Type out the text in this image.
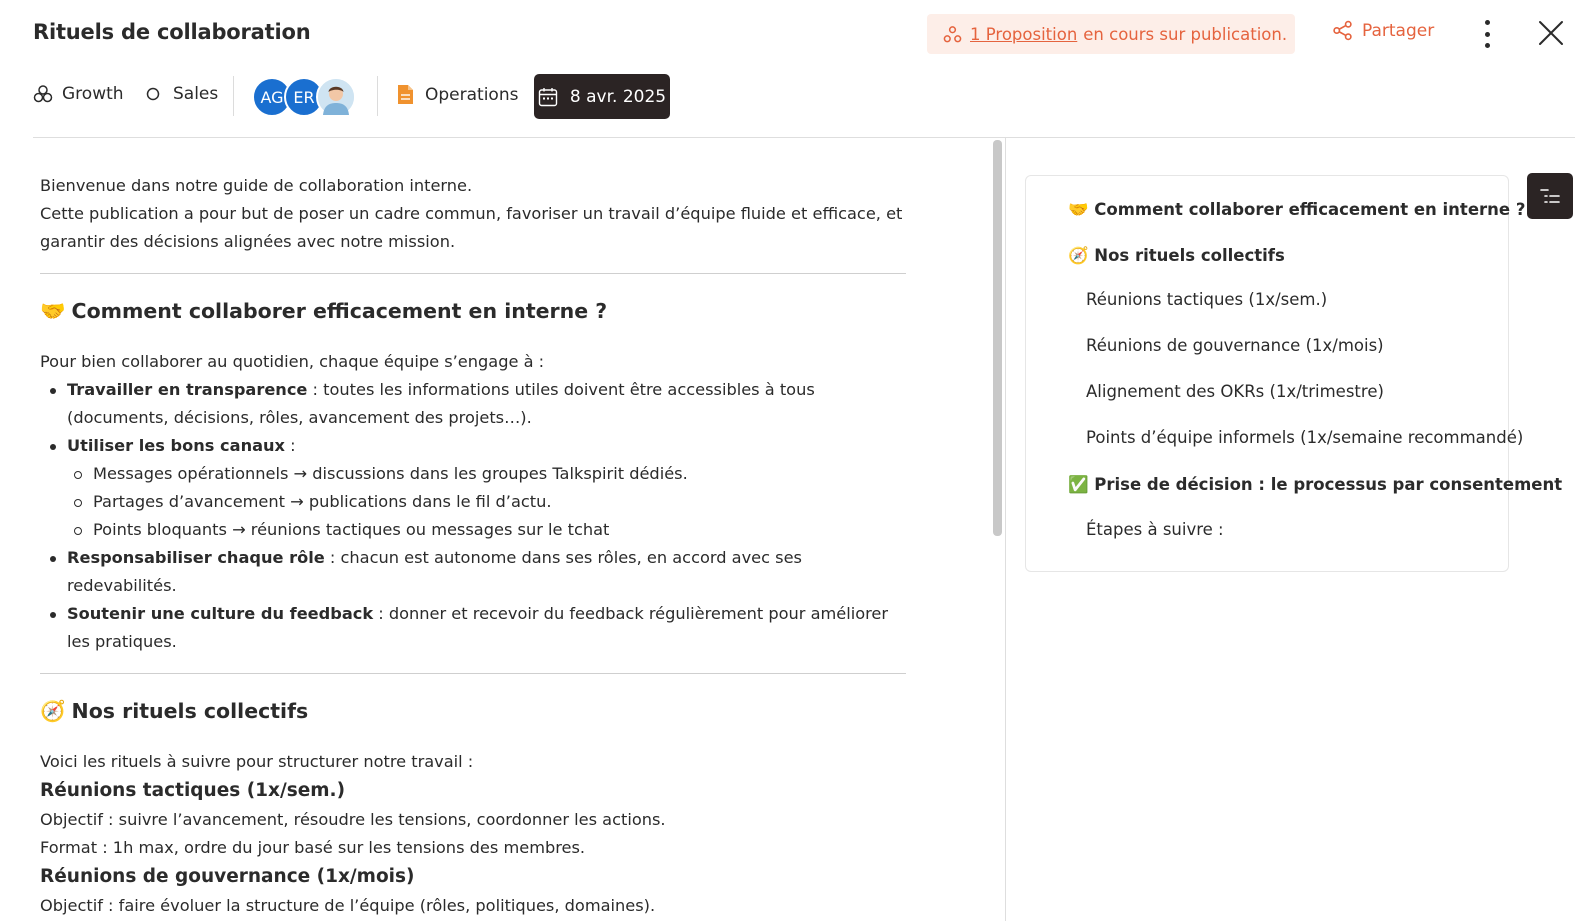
Rituels de collaboration	1 Proposition en cours sur publication.	Partager
Growth	Sales	AG ER	Operations	8 avr. 2025

Bienvenue dans notre guide de collaboration interne.

Cette publication a pour but de poser un cadre commun, favoriser un travail d’équipe fluide et efficace, et garantir des décisions alignées avec notre mission.

🤝 Comment collaborer efficacement en interne ?

Pour bien collaborer au quotidien, chaque équipe s’engage à :

Travailler en transparence : toutes les informations utiles doivent être accessibles à tous (documents, décisions, rôles, avancement des projets…).
Utiliser les bons canaux :
Messages opérationnels → discussions dans les groupes Talkspirit dédiés.
Partages d’avancement → publications dans le fil d’actu.
Points bloquants → réunions tactiques ou messages sur le tchat
Responsabiliser chaque rôle : chacun est autonome dans ses rôles, en accord avec ses redevabilités.
Soutenir une culture du feedback : donner et recevoir du feedback régulièrement pour améliorer les pratiques.
🧭 Nos rituels collectifs

Voici les rituels à suivre pour structurer notre travail :

Réunions tactiques (1x/sem.)

Objectif : suivre l’avancement, résoudre les tensions, coordonner les actions.

Format : 1h max, ordre du jour basé sur les tensions des membres.

Réunions de gouvernance (1x/mois)

Objectif : faire évoluer la structure de l’équipe (rôles, politiques, domaines).

🤝 Comment collaborer efficacement en interne ?
🧭 Nos rituels collectifs
Réunions tactiques (1x/sem.)
Réunions de gouvernance (1x/mois)
Alignement des OKRs (1x/trimestre)
Points d’équipe informels (1x/semaine recommandé)
✅ Prise de décision : le processus par consentement
Étapes à suivre :
